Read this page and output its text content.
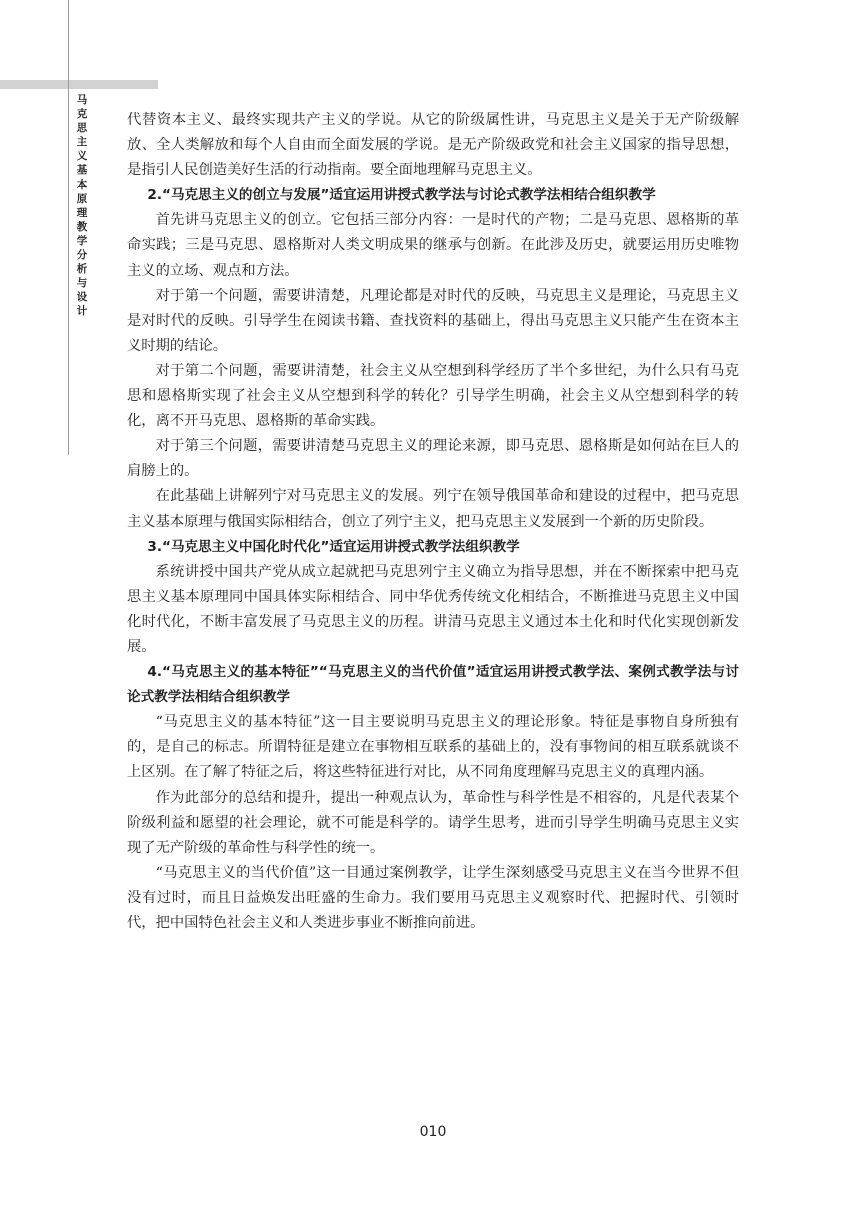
马克思主义基本原理教学分析与设计

代替资本主义、最终实现共产主义的学说。从它的阶级属性讲，马克思主义是关于无产阶级解放、全人类解放和每个人自由而全面发展的学说。是无产阶级政党和社会主义国家的指导思想，是指引人民创造美好生活的行动指南。要全面地理解马克思主义。

2.“马克思主义的创立与发展”适宜运用讲授式教学法与讨论式教学法相结合组织教学

首先讲马克思主义的创立。它包括三部分内容：一是时代的产物；二是马克思、恩格斯的革命实践；三是马克思、恩格斯对人类文明成果的继承与创新。在此涉及历史，就要运用历史唯物主义的立场、观点和方法。

对于第一个问题，需要讲清楚，凡理论都是对时代的反映，马克思主义是理论，马克思主义是对时代的反映。引导学生在阅读书籍、查找资料的基础上，得出马克思主义只能产生在资本主义时期的结论。

对于第二个问题，需要讲清楚，社会主义从空想到科学经历了半个多世纪，为什么只有马克思和恩格斯实现了社会主义从空想到科学的转化？引导学生明确，社会主义从空想到科学的转化，离不开马克思、恩格斯的革命实践。

对于第三个问题，需要讲清楚马克思主义的理论来源，即马克思、恩格斯是如何站在巨人的肩膀上的。

在此基础上讲解列宁对马克思主义的发展。列宁在领导俄国革命和建设的过程中，把马克思主义基本原理与俄国实际相结合，创立了列宁主义，把马克思主义发展到一个新的历史阶段。

3.“马克思主义中国化时代化”适宜运用讲授式教学法组织教学

系统讲授中国共产党从成立起就把马克思列宁主义确立为指导思想，并在不断探索中把马克思主义基本原理同中国具体实际相结合、同中华优秀传统文化相结合，不断推进马克思主义中国化时代化，不断丰富发展了马克思主义的历程。讲清马克思主义通过本土化和时代化实现创新发展。

4.“马克思主义的基本特征”“马克思主义的当代价值”适宜运用讲授式教学法、案例式教学法与讨论式教学法相结合组织教学

“马克思主义的基本特征”这一目主要说明马克思主义的理论形象。特征是事物自身所独有的，是自己的标志。所谓特征是建立在事物相互联系的基础上的，没有事物间的相互联系就谈不上区别。在了解了特征之后，将这些特征进行对比，从不同角度理解马克思主义的真理内涵。

作为此部分的总结和提升，提出一种观点认为，革命性与科学性是不相容的，凡是代表某个阶级利益和愿望的社会理论，就不可能是科学的。请学生思考，进而引导学生明确马克思主义实现了无产阶级的革命性与科学性的统一。

“马克思主义的当代价值”这一目通过案例教学，让学生深刻感受马克思主义在当今世界不但没有过时，而且日益焕发出旺盛的生命力。我们要用马克思主义观察时代、把握时代、引领时代，把中国特色社会主义和人类进步事业不断推向前进。

010
